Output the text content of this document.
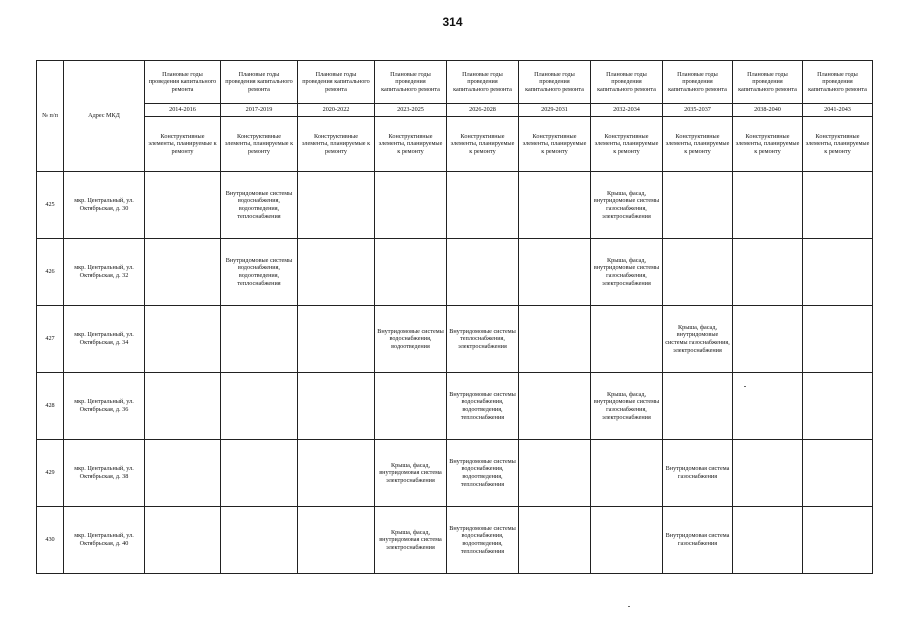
314
№ п/п	Адрес МКД	Плановые годы проведения капитального ремонта	Плановые годы проведения капитального ремонта	Плановые годы проведения капитального ремонта	Плановые годы проведения капитального ремонта	Плановые годы проведения капитального ремонта	Плановые годы проведения капитального ремонта	Плановые годы проведения капитального ремонта	Плановые годы проведения капитального ремонта	Плановые годы проведения капитального ремонта	Плановые годы проведения капитального ремонта
		2014-2016	2017-2019	2020-2022	2023-2025	2026-2028	2029-2031	2032-2034	2035-2037	2038-2040	2041-2043
		Конструктивные элементы, планируемые к ремонту	Конструктивные элементы, планируемые к ремонту	Конструктивные элементы, планируемые к ремонту	Конструктивные элементы, планируемые к ремонту	Конструктивные элементы, планируемые к ремонту	Конструктивные элементы, планируемые к ремонту	Конструктивные элементы, планируемые к ремонту	Конструктивные элементы, планируемые к ремонту	Конструктивные элементы, планируемые к ремонту	Конструктивные элементы, планируемые к ремонту
425	мкр. Центральный, ул. Октябрьская, д. 30		Внутридомовые системы водоснабжения, водоотведения, теплоснабжения					Крыша, фасад, внутридомовые системы газоснабжения, электроснабжения			
426	мкр. Центральный, ул. Октябрьская, д. 32		Внутридомовые системы водоснабжения, водоотведения, теплоснабжения					Крыша, фасад, внутридомовые системы газоснабжения, электроснабжения			
427	мкр. Центральный, ул. Октябрьская, д. 34				Внутридомовые системы водоснабжения, водоотведения	Внутридомовые системы теплоснабжения, электроснабжения			Крыша, фасад, внутридомовые системы газоснабжения, электроснабжения		
428	мкр. Центральный, ул. Октябрьская, д. 36					Внутридомовые системы водоснабжения, водоотведения, теплоснабжения		Крыша, фасад, внутридомовые системы газоснабжения, электроснабжения			
429	мкр. Центральный, ул. Октябрьская, д. 38				Крыша, фасад, внутридомовая система электроснабжения	Внутридомовые системы водоснабжения, водоотведения, теплоснабжения			Внутридомовая система газоснабжения		
430	мкр. Центральный, ул. Октябрьская, д. 40				Крыша, фасад, внутридомовая система электроснабжения	Внутридомовые системы водоснабжения, водоотведения, теплоснабжения			Внутридомовая система газоснабжения		
